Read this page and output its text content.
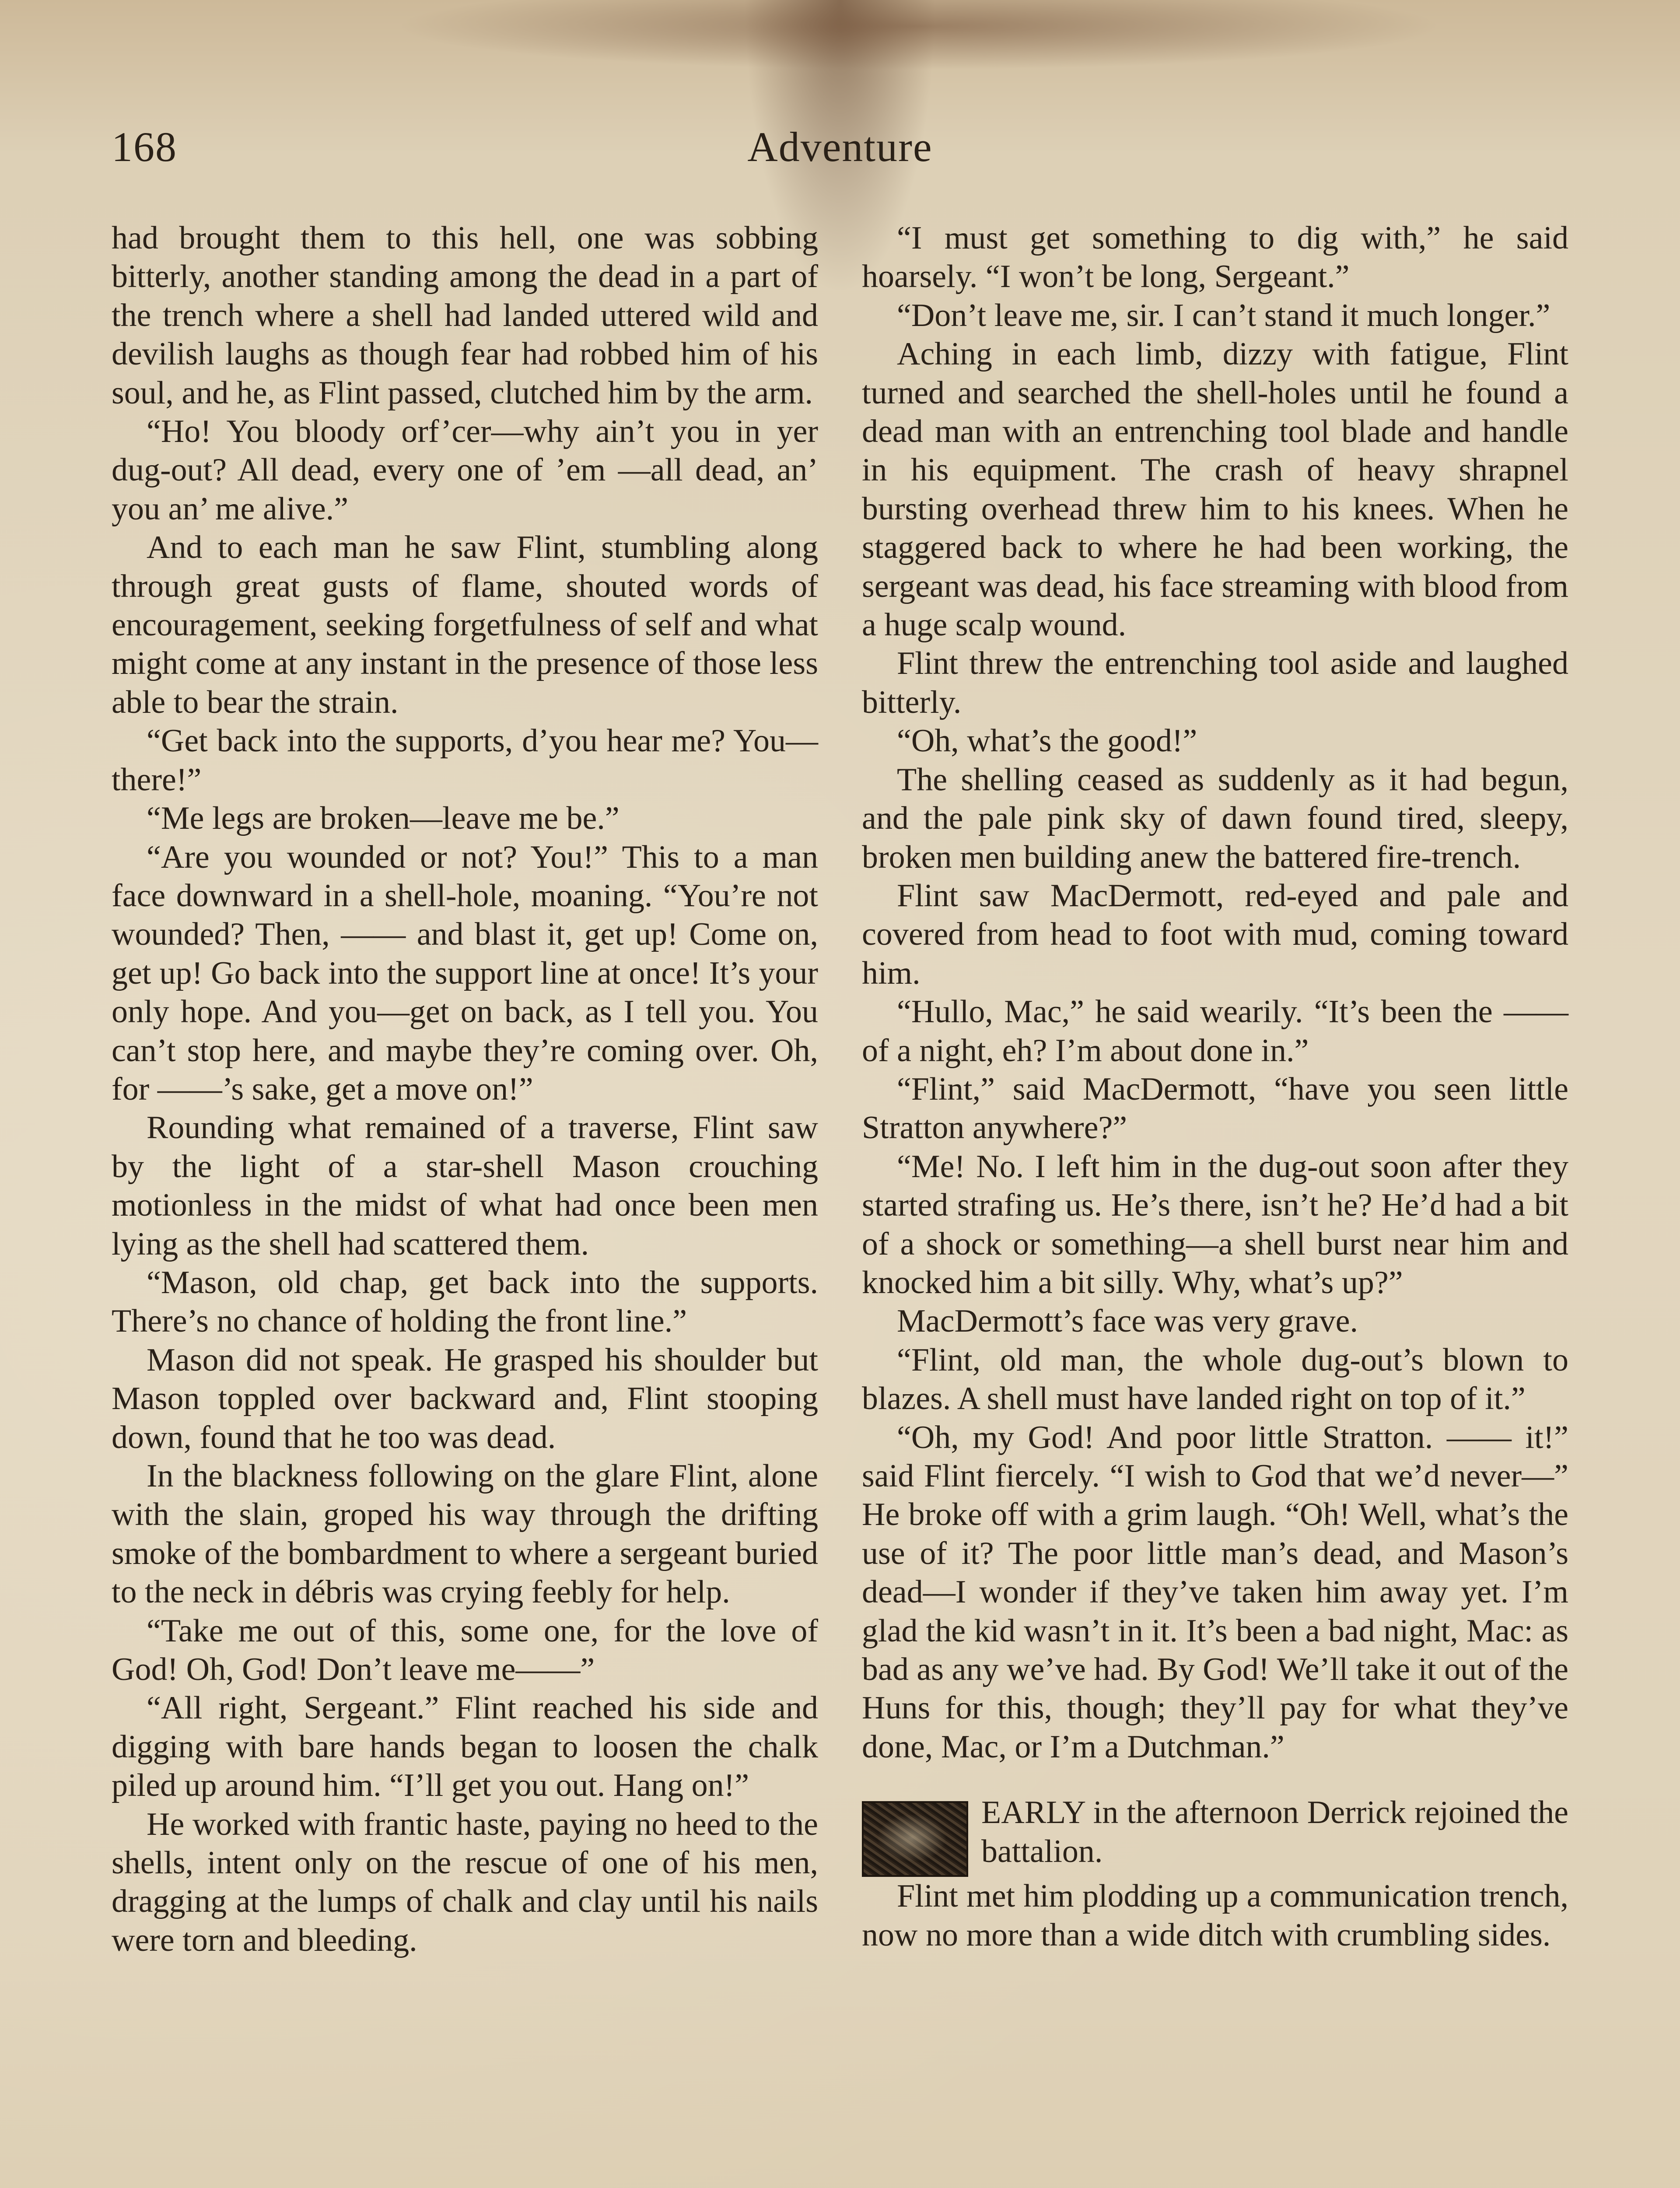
168	Adventure

had brought them to this hell, one was sobbing bitterly, another standing among the dead in a part of the trench where a shell had landed uttered wild and devilish laughs as though fear had robbed him of his soul, and he, as Flint passed, clutched him by the arm.

“Ho! You bloody orf’cer—why ain’t you in yer dug-out? All dead, every one of ’em —all dead, an’ you an’ me alive.”

And to each man he saw Flint, stumbling along through great gusts of flame, shouted words of encouragement, seeking forgetfulness of self and what might come at any instant in the presence of those less able to bear the strain.

“Get back into the supports, d’you hear me? You—there!”

“Me legs are broken—leave me be.”

“Are you wounded or not? You!” This to a man face downward in a shell-hole, moaning. “You’re not wounded? Then, —— and blast it, get up! Come on, get up! Go back into the support line at once! It’s your only hope. And you—get on back, as I tell you. You can’t stop here, and maybe they’re coming over. Oh, for ——’s sake, get a move on!”

Rounding what remained of a traverse, Flint saw by the light of a star-shell Mason crouching motionless in the midst of what had once been men lying as the shell had scattered them.

“Mason, old chap, get back into the supports. There’s no chance of holding the front line.”

Mason did not speak. He grasped his shoulder but Mason toppled over backward and, Flint stooping down, found that he too was dead.

In the blackness following on the glare Flint, alone with the slain, groped his way through the drifting smoke of the bombardment to where a sergeant buried to the neck in débris was crying feebly for help.

“Take me out of this, some one, for the love of God! Oh, God! Don’t leave me——”

“All right, Sergeant.” Flint reached his side and digging with bare hands began to loosen the chalk piled up around him. “I’ll get you out. Hang on!”

He worked with frantic haste, paying no heed to the shells, intent only on the rescue of one of his men, dragging at the lumps of chalk and clay until his nails were torn and bleeding.

“I must get something to dig with,” he said hoarsely. “I won’t be long, Sergeant.”

“Don’t leave me, sir. I can’t stand it much longer.”

Aching in each limb, dizzy with fatigue, Flint turned and searched the shell-holes until he found a dead man with an entrenching tool blade and handle in his equipment. The crash of heavy shrapnel bursting overhead threw him to his knees. When he staggered back to where he had been working, the sergeant was dead, his face streaming with blood from a huge scalp wound.

Flint threw the entrenching tool aside and laughed bitterly.

“Oh, what’s the good!”

The shelling ceased as suddenly as it had begun, and the pale pink sky of dawn found tired, sleepy, broken men building anew the battered fire-trench.

Flint saw MacDermott, red-eyed and pale and covered from head to foot with mud, coming toward him.

“Hullo, Mac,” he said wearily. “It’s been the —— of a night, eh? I’m about done in.”

“Flint,” said MacDermott, “have you seen little Stratton anywhere?”

“Me! No. I left him in the dug-out soon after they started strafing us. He’s there, isn’t he? He’d had a bit of a shock or something—a shell burst near him and knocked him a bit silly. Why, what’s up?”

MacDermott’s face was very grave.

“Flint, old man, the whole dug-out’s blown to blazes. A shell must have landed right on top of it.”

“Oh, my God! And poor little Stratton. —— it!” said Flint fiercely. “I wish to God that we’d never—” He broke off with a grim laugh. “Oh! Well, what’s the use of it? The poor little man’s dead, and Mason’s dead—I wonder if they’ve taken him away yet. I’m glad the kid wasn’t in it. It’s been a bad night, Mac: as bad as any we’ve had. By God! We’ll take it out of the Huns for this, though; they’ll pay for what they’ve done, Mac, or I’m a Dutchman.”

EARLY in the afternoon Derrick rejoined the battalion.

Flint met him plodding up a communication trench, now no more than a wide ditch with crumbling sides.
